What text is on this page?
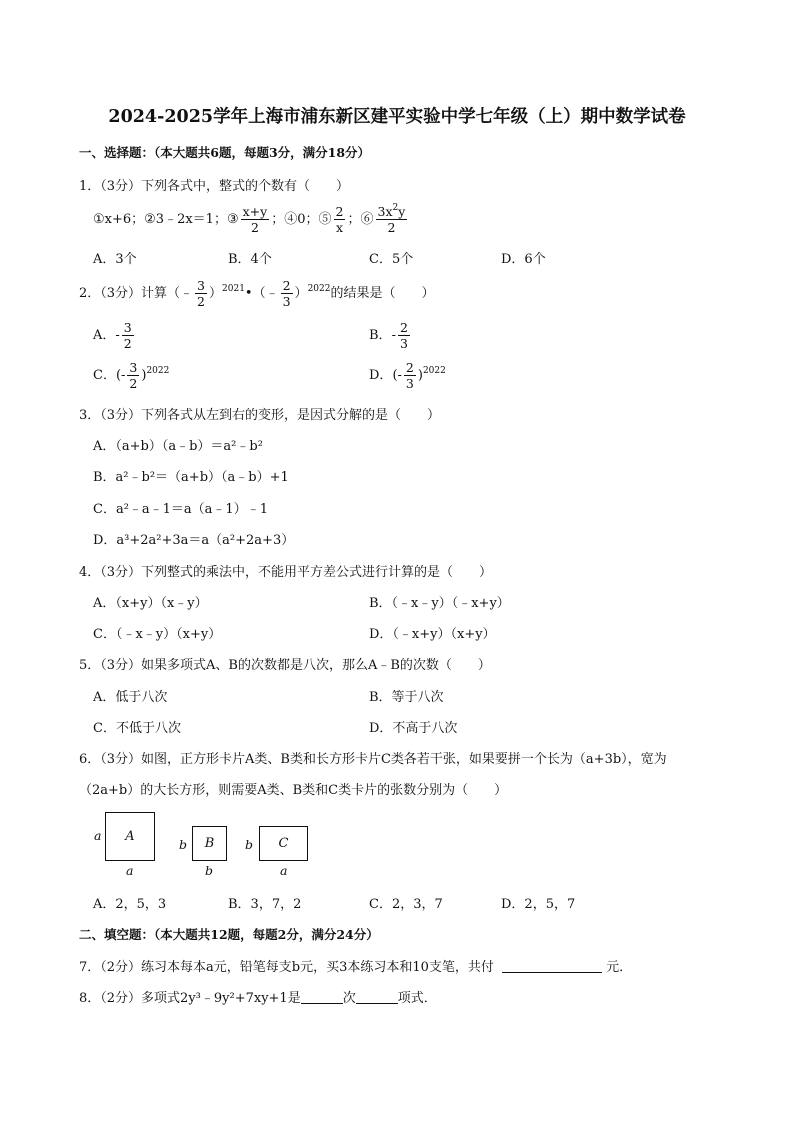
2024-2025学年上海市浦东新区建平实验中学七年级（上）期中数学试卷
一、选择题：（本大题共6题，每题3分，满分18分）
1．（3分）下列各式中，整式的个数有（　　）
①x+6；②3﹣2x＝1；③ $\frac{x+y}{2}$ ；④0；⑤ $\frac{2}{x}$ ；⑥ $\frac{3x^2y}{2}$
A．3个	B．4个	C．5个	D．6个
2．（3分）计算（﹣ $\frac{3}{2}$ ）$^{2021}$•（﹣ $\frac{2}{3} )^{2022}$的结果是（　　）
A．- $\frac{3}{2}$	B．- $\frac{2}{3}$
C．(- $\frac{3}{2} )^{2022}$	D．(- $\frac{2}{3} )^{2022}$
3．（3分）下列各式从左到右的变形，是因式分解的是（　　）
A．（a+b）（a﹣b）＝a²﹣b²
B．a²﹣b²＝（a+b）（a﹣b）+1
C．a²﹣a﹣1＝a（a﹣1）﹣1
D．a³+2a²+3a＝a（a²+2a+3）
4．（3分）下列整式的乘法中，不能用平方差公式进行计算的是（　　）
A．（x+y）（x﹣y）	B．（﹣x﹣y）（﹣x+y）
C．（﹣x﹣y）（x+y）	D．（﹣x+y）（x+y）
5．（3分）如果多项式A、B的次数都是八次，那么A﹣B的次数（　　）
A．低于八次	B．等于八次
C．不低于八次	D．不高于八次
6．（3分）如图，正方形卡片A类、B类和长方形卡片C类各若干张，如果要拼一个长为（a+3b），宽为
（2a+b）的大长方形，则需要A类、B类和C类卡片的张数分别为（　　）
a A
a
b B
b
b C
a
A．2，5，3	B．3，7，2	C．2，3，7	D．2，5，7
二、填空题：（本大题共12题，每题2分，满分24分）
7．（2分）练习本每本a元，铅笔每支b元，买3本练习本和10支笔，共付	元．
8．（2分）多项式2y³﹣9y²+7xy+1是	次	项式．
